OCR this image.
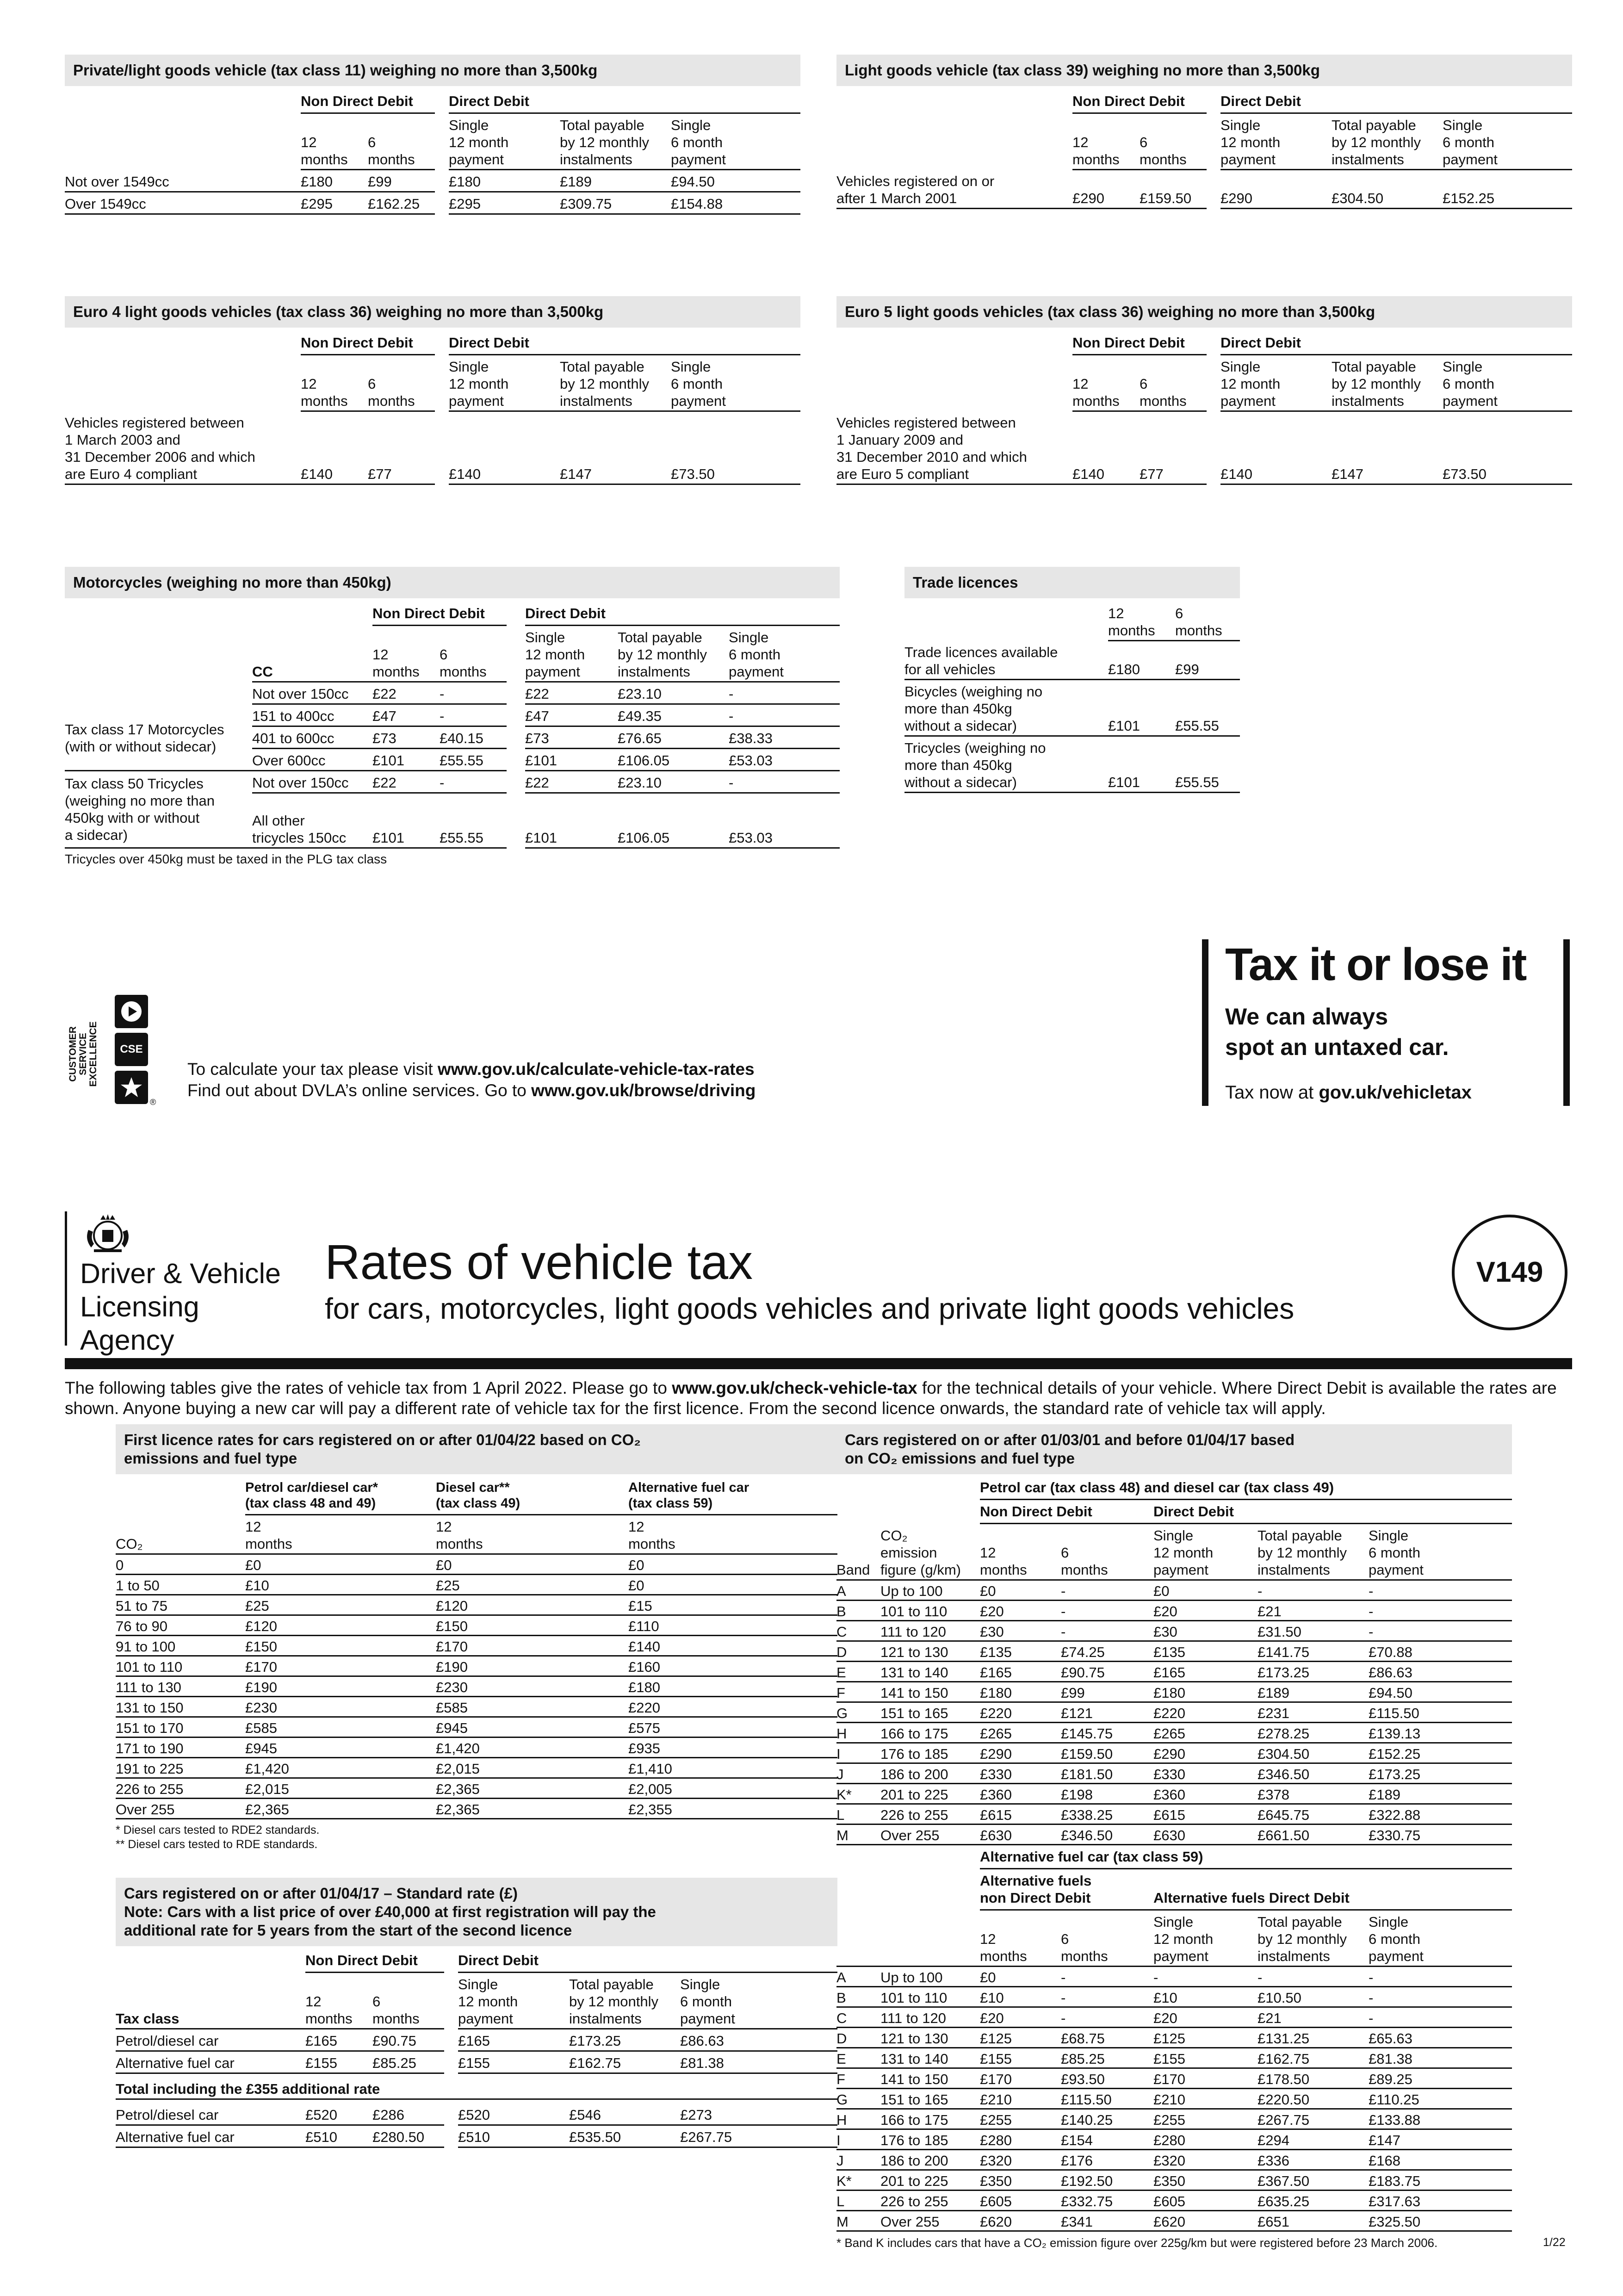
Private/light goods vehicle (tax class 11) weighing no more than 3,500kg
	Non Direct Debit			Direct Debit		
	12
months	6
months		Single
12 month
payment	Total payable
by 12 monthly
instalments	Single
6 month
payment
Not over 1549cc	£180	£99		£180	£189	£94.50
Over 1549cc	£295	£162.25		£295	£309.75	£154.88
Light goods vehicle (tax class 39) weighing no more than 3,500kg
	Non Direct Debit			Direct Debit		
	12
months	6
months		Single
12 month
payment	Total payable
by 12 monthly
instalments	Single
6 month
payment
Vehicles registered on or
after 1 March 2001	£290	£159.50		£290	£304.50	£152.25
Euro 4 light goods vehicles (tax class 36) weighing no more than 3,500kg
	Non Direct Debit			Direct Debit		
	12
months	6
months		Single
12 month
payment	Total payable
by 12 monthly
instalments	Single
6 month
payment
Vehicles registered between
1 March 2003 and
31 December 2006 and which
are Euro 4 compliant	£140	£77		£140	£147	£73.50
Euro 5 light goods vehicles (tax class 36) weighing no more than 3,500kg
	Non Direct Debit			Direct Debit		
	12
months	6
months		Single
12 month
payment	Total payable
by 12 monthly
instalments	Single
6 month
payment
Vehicles registered between
1 January 2009 and
31 December 2010 and which
are Euro 5 compliant	£140	£77		£140	£147	£73.50
Motorcycles (weighing no more than 450kg)
		Non Direct Debit			Direct Debit		
	CC	12
months	6
months		Single
12 month
payment	Total payable
by 12 monthly
instalments	Single
6 month
payment
	Not over 150cc	£22	-		£22	£23.10	-
Tax class 17 Motorcycles
(with or without sidecar)	151 to 400cc	£47	-		£47	£49.35	-
	401 to 600cc	£73	£40.15		£73	£76.65	£38.33
	Over 600cc	£101	£55.55		£101	£106.05	£53.03
Tax class 50 Tricycles
(weighing no more than
450kg with or without
a sidecar)	Not over 150cc	£22	-		£22	£23.10	-
	All other
tricycles 150cc	£101	£55.55		£101	£106.05	£53.03
Tricycles over 450kg must be taxed in the PLG tax class
Trade licences
	12
months	6
months
Trade licences available
for all vehicles	£180	£99
Bicycles (weighing no
more than 450kg
without a sidecar)	£101	£55.55
Tricycles (weighing no
more than 450kg
without a sidecar)	£101	£55.55
CUSTOMER SERVICE EXCELLENCE	CSE
®
To calculate your tax please visit www.gov.uk/calculate-vehicle-tax-rates
Find out about DVLA’s online services. Go to www.gov.uk/browse/driving
Tax it or lose it
We can always
spot an untaxed car.
Tax now at gov.uk/vehicletax
Driver & Vehicle
Licensing
Agency
Rates of vehicle tax
for cars, motorcycles, light goods vehicles and private light goods vehicles
V149
The following tables give the rates of vehicle tax from 1 April 2022. Please go to www.gov.uk/check-vehicle-tax for the technical details of your vehicle. Where Direct Debit is available the rates are shown. Anyone buying a new car will pay a different rate of vehicle tax for the first licence. From the second licence onwards, the standard rate of vehicle tax will apply.
First licence rates for cars registered on or after 01/04/22 based on CO₂
emissions and fuel type
	Petrol car/diesel car*
(tax class 48 and 49)	Diesel car**
(tax class 49)	Alternative fuel car
(tax class 59)
CO₂	12
months	12
months	12
months
0	£0	£0	£0
1 to 50	£10	£25	£0
51 to 75	£25	£120	£15
76 to 90	£120	£150	£110
91 to 100	£150	£170	£140
101 to 110	£170	£190	£160
111 to 130	£190	£230	£180
131 to 150	£230	£585	£220
151 to 170	£585	£945	£575
171 to 190	£945	£1,420	£935
191 to 225	£1,420	£2,015	£1,410
226 to 255	£2,015	£2,365	£2,005
Over 255	£2,365	£2,365	£2,355
* Diesel cars tested to RDE2 standards.
** Diesel cars tested to RDE standards.
Cars registered on or after 01/04/17 – Standard rate (£)
Note: Cars with a list price of over £40,000 at first registration will pay the
additional rate for 5 years from the start of the second licence
	Non Direct Debit			Direct Debit		
Tax class	12
months	6
months		Single
12 month
payment	Total payable
by 12 monthly
instalments	Single
6 month
payment
Petrol/diesel car	£165	£90.75		£165	£173.25	£86.63
Alternative fuel car	£155	£85.25		£155	£162.75	£81.38
Total including the £355 additional rate						
Petrol/diesel car	£520	£286		£520	£546	£273
Alternative fuel car	£510	£280.50		£510	£535.50	£267.75
Cars registered on or after 01/03/01 and before 01/04/17 based
on CO₂ emissions and fuel type
		Petrol car (tax class 48) and diesel car (tax class 49)				
		Non Direct Debit		Direct Debit		
Band	CO₂
emission
figure (g/km)	12
months	6
months	Single
12 month
payment	Total payable
by 12 monthly
instalments	Single
6 month
payment
A	Up to 100	£0	-	£0	-	-
B	101 to 110	£20	-	£20	£21	-
C	111 to 120	£30	-	£30	£31.50	-
D	121 to 130	£135	£74.25	£135	£141.75	£70.88
E	131 to 140	£165	£90.75	£165	£173.25	£86.63
F	141 to 150	£180	£99	£180	£189	£94.50
G	151 to 165	£220	£121	£220	£231	£115.50
H	166 to 175	£265	£145.75	£265	£278.25	£139.13
I	176 to 185	£290	£159.50	£290	£304.50	£152.25
J	186 to 200	£330	£181.50	£330	£346.50	£173.25
K*	201 to 225	£360	£198	£360	£378	£189
L	226 to 255	£615	£338.25	£615	£645.75	£322.88
M	Over 255	£630	£346.50	£630	£661.50	£330.75
		Alternative fuel car (tax class 59)				
		Alternative fuels
non Direct Debit		Alternative fuels Direct Debit		
		12
months	6
months	Single
12 month
payment	Total payable
by 12 monthly
instalments	Single
6 month
payment
A	Up to 100	£0	-	-	-	-
B	101 to 110	£10	-	£10	£10.50	-
C	111 to 120	£20	-	£20	£21	-
D	121 to 130	£125	£68.75	£125	£131.25	£65.63
E	131 to 140	£155	£85.25	£155	£162.75	£81.38
F	141 to 150	£170	£93.50	£170	£178.50	£89.25
G	151 to 165	£210	£115.50	£210	£220.50	£110.25
H	166 to 175	£255	£140.25	£255	£267.75	£133.88
I	176 to 185	£280	£154	£280	£294	£147
J	186 to 200	£320	£176	£320	£336	£168
K*	201 to 225	£350	£192.50	£350	£367.50	£183.75
L	226 to 255	£605	£332.75	£605	£635.25	£317.63
M	Over 255	£620	£341	£620	£651	£325.50
* Band K includes cars that have a CO₂ emission figure over 225g/km but were registered before 23 March 2006.	1/22
